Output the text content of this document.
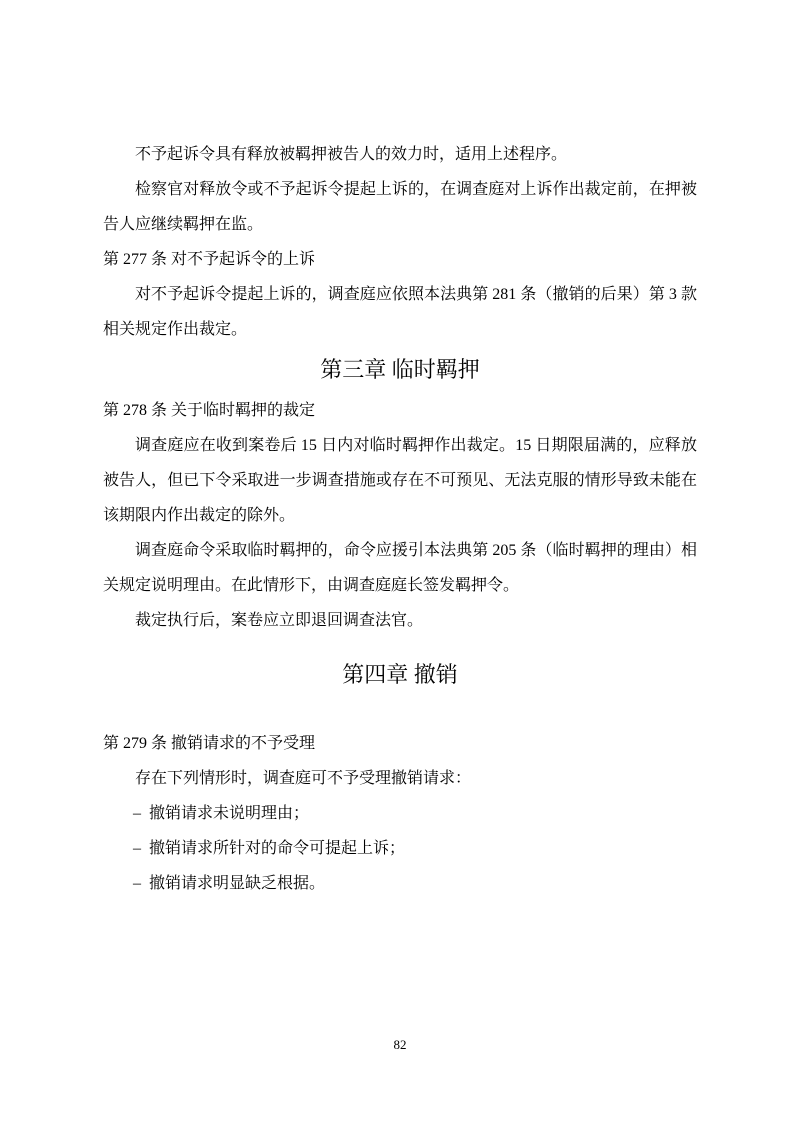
不予起诉令具有释放被羁押被告人的效力时，适用上述程序。

检察官对释放令或不予起诉令提起上诉的，在调查庭对上诉作出裁定前，在押被告人应继续羁押在监。

第 277 条 对不予起诉令的上诉

对不予起诉令提起上诉的，调查庭应依照本法典第 281 条（撤销的后果）第 3 款相关规定作出裁定。

第三章 临时羁押
第 278 条 关于临时羁押的裁定

调查庭应在收到案卷后 15 日内对临时羁押作出裁定。15 日期限届满的，应释放被告人，但已下令采取进一步调查措施或存在不可预见、无法克服的情形导致未能在该期限内作出裁定的除外。

调查庭命令采取临时羁押的，命令应援引本法典第 205 条（临时羁押的理由）相关规定说明理由。在此情形下，由调查庭庭长签发羁押令。

裁定执行后，案卷应立即退回调查法官。

第四章 撤销
第 279 条 撤销请求的不予受理

存在下列情形时，调查庭可不予受理撤销请求：

– 撤销请求未说明理由；

– 撤销请求所针对的命令可提起上诉；

– 撤销请求明显缺乏根据。

82
